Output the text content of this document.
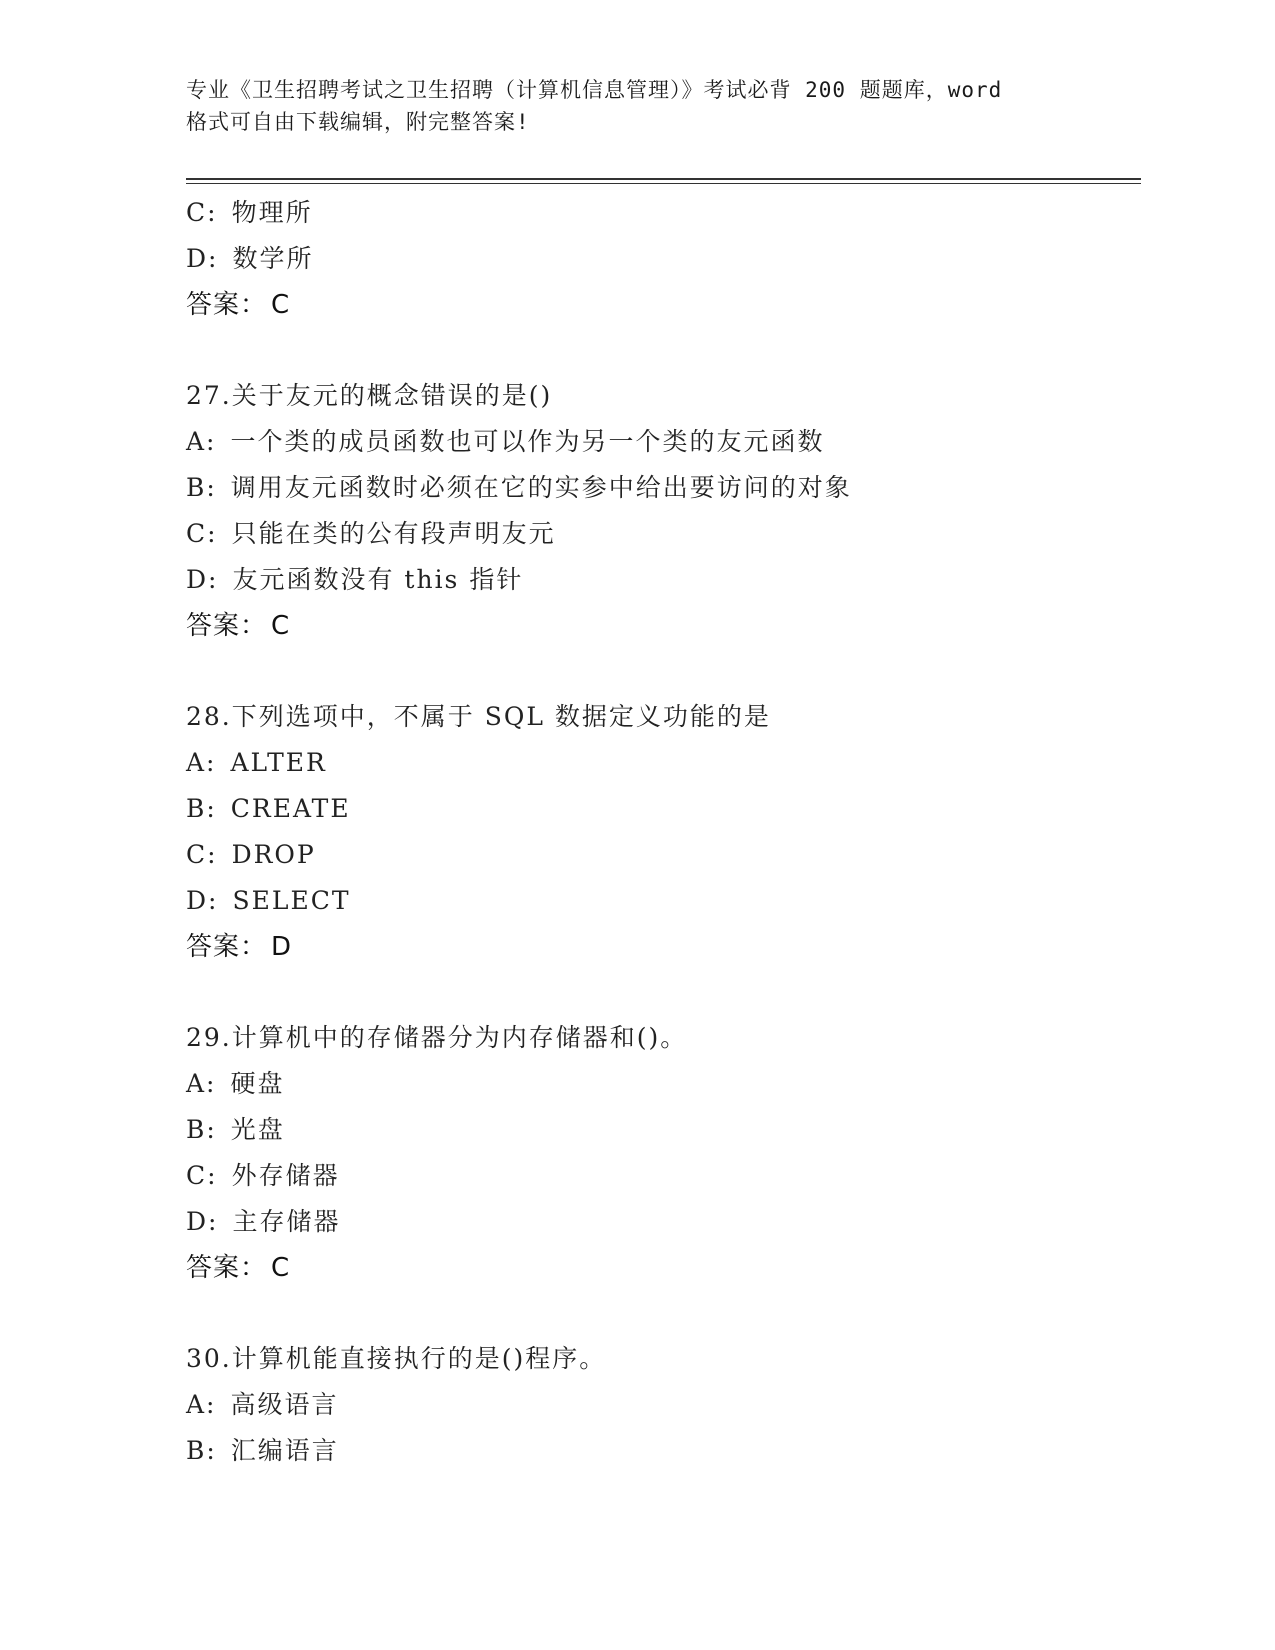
专业《卫生招聘考试之卫生招聘（计算机信息管理）》考试必背 200 题题库，word
格式可自由下载编辑，附完整答案!
C: 物理所
D: 数学所
答案： C
27.关于友元的概念错误的是()
A: 一个类的成员函数也可以作为另一个类的友元函数
B: 调用友元函数时必须在它的实参中给出要访问的对象
C: 只能在类的公有段声明友元
D: 友元函数没有 this 指针
答案： C
28.下列选项中，不属于 SQL 数据定义功能的是
A: ALTER
B: CREATE
C: DROP
D: SELECT
答案： D
29.计算机中的存储器分为内存储器和()。
A: 硬盘
B: 光盘
C: 外存储器
D: 主存储器
答案： C
30.计算机能直接执行的是()程序。
A: 高级语言
B: 汇编语言
